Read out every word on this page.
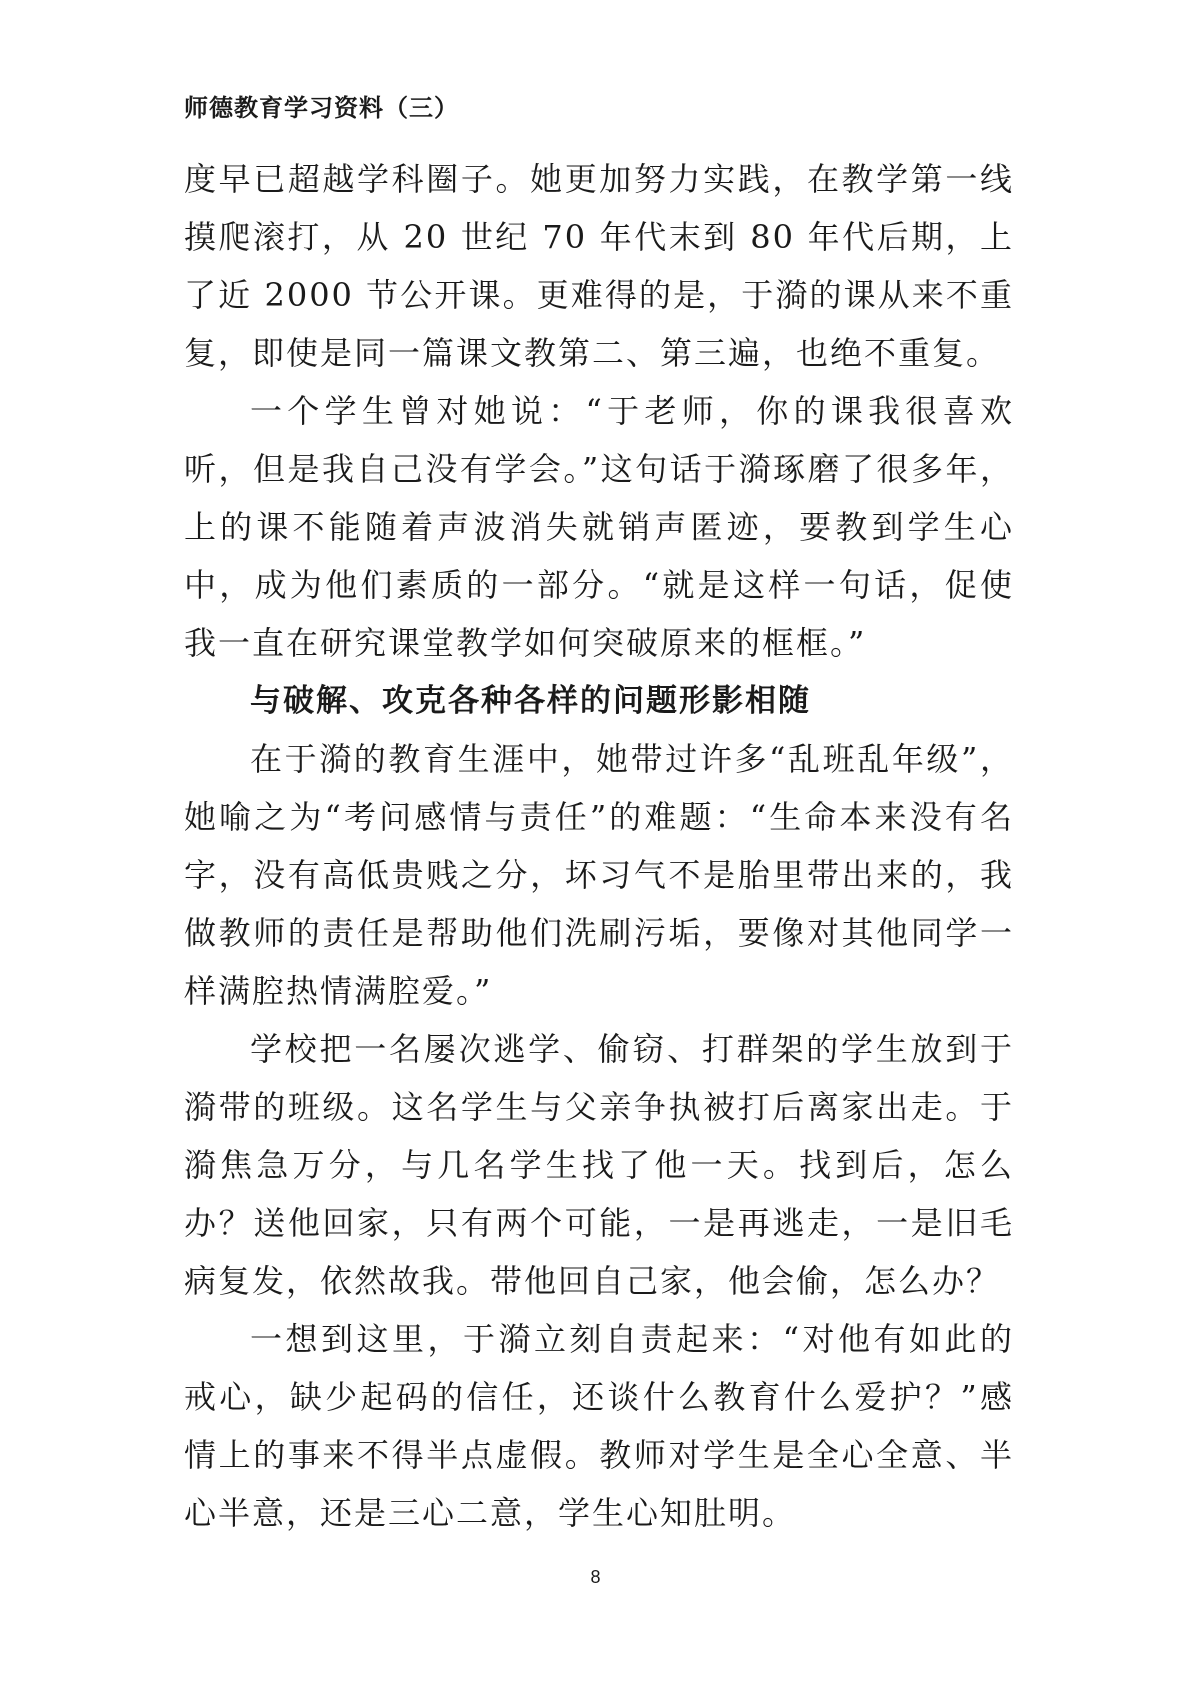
师德教育学习资料（三）

度早已超越学科圈子。她更加努力实践，在教学第一线摸爬滚打，从 20 世纪 70 年代末到 80 年代后期，上了近 2000 节公开课。更难得的是，于漪的课从来不重复，即使是同一篇课文教第二、第三遍，也绝不重复。

一个学生曾对她说：“于老师，你的课我很喜欢听，但是我自己没有学会。”这句话于漪琢磨了很多年，上的课不能随着声波消失就销声匿迹，要教到学生心中，成为他们素质的一部分。“就是这样一句话，促使我一直在研究课堂教学如何突破原来的框框。”

与破解、攻克各种各样的问题形影相随

在于漪的教育生涯中，她带过许多“乱班乱年级”，她喻之为“考问感情与责任”的难题：“生命本来没有名字，没有高低贵贱之分，坏习气不是胎里带出来的，我做教师的责任是帮助他们洗刷污垢，要像对其他同学一样满腔热情满腔爱。”

学校把一名屡次逃学、偷窃、打群架的学生放到于漪带的班级。这名学生与父亲争执被打后离家出走。于漪焦急万分，与几名学生找了他一天。找到后，怎么办？送他回家，只有两个可能，一是再逃走，一是旧毛病复发，依然故我。带他回自己家，他会偷，怎么办？

一想到这里，于漪立刻自责起来：“对他有如此的戒心，缺少起码的信任，还谈什么教育什么爱护？”感情上的事来不得半点虚假。教师对学生是全心全意、半心半意，还是三心二意，学生心知肚明。

8
